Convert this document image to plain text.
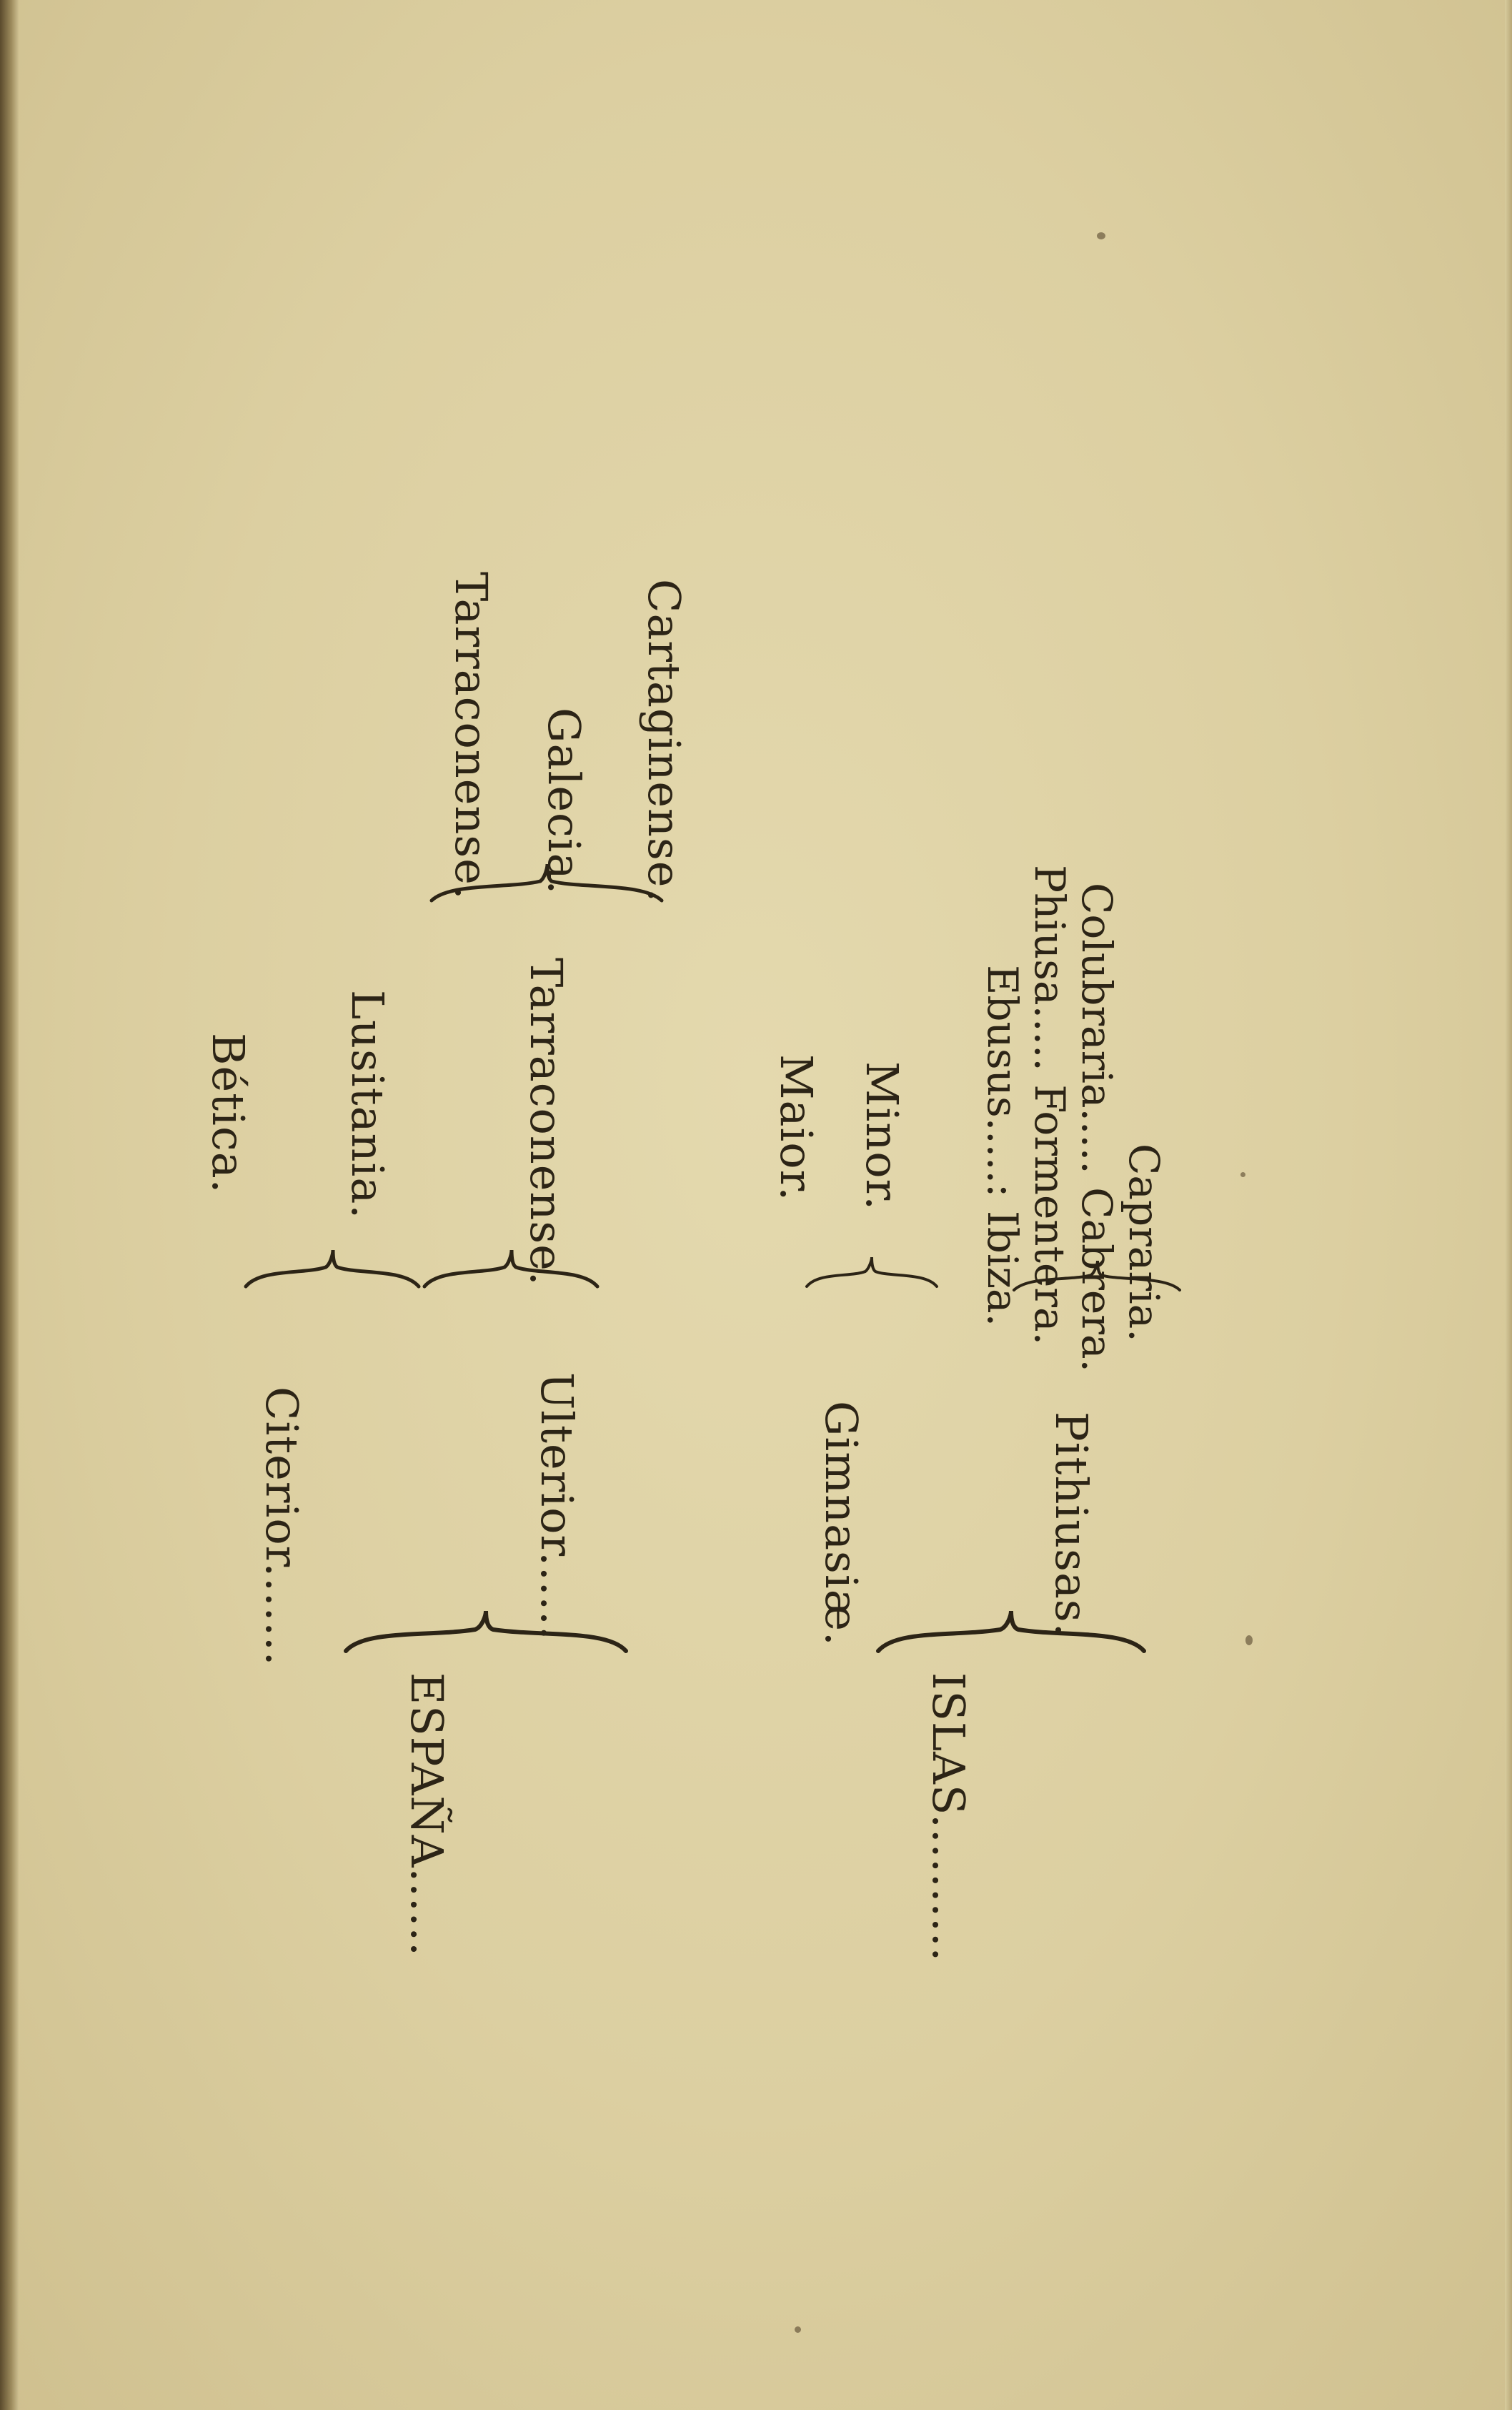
ESPAÑA......
Citerior.......
Bética. Lusitania.
Ulterior......
Tarraconense.
Tarraconense. Galecia. Cartaginense.
ISLAS..........
Gimnasiæ.
Maior. Minor.
Pithiusas.
Ebusus.....: Ibiza.
Phiusa..... Formentera.
Colubraria..... Cabrera.
Capraria.
